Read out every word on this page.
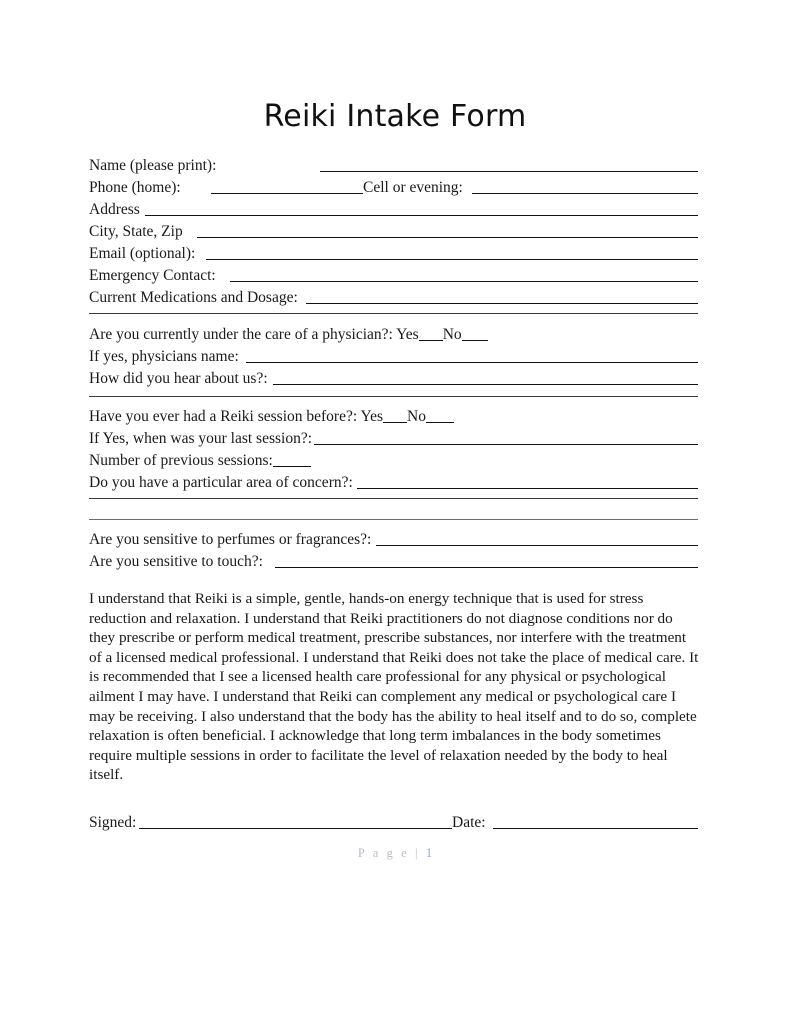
Reiki Intake Form
Name (please print):
Phone (home):	Cell or evening:
Address
City, State, Zip
Email (optional):
Emergency Contact:
Current Medications and Dosage:
Are you currently under the care of a physician?: Yes No
If yes, physicians name:
How did you hear about us?:
Have you ever had a Reiki session before?: Yes No
If Yes, when was your last session?:
Number of previous sessions:
Do you have a particular area of concern?:
Are you sensitive to perfumes or fragrances?:
Are you sensitive to touch?:
I understand that Reiki is a simple, gentle, hands-on energy technique that is used for stress reduction and relaxation. I understand that Reiki practitioners do not diagnose conditions nor do they prescribe or perform medical treatment, prescribe substances, nor interfere with the treatment of a licensed medical professional. I understand that Reiki does not take the place of medical care. It is recommended that I see a licensed health care professional for any physical or psychological ailment I may have. I understand that Reiki can complement any medical or psychological care I may be receiving. I also understand that the body has the ability to heal itself and to do so, complete relaxation is often beneficial. I acknowledge that long term imbalances in the body sometimes require multiple sessions in order to facilitate the level of relaxation needed by the body to heal itself.
Signed:	Date:
P a g e | 1
